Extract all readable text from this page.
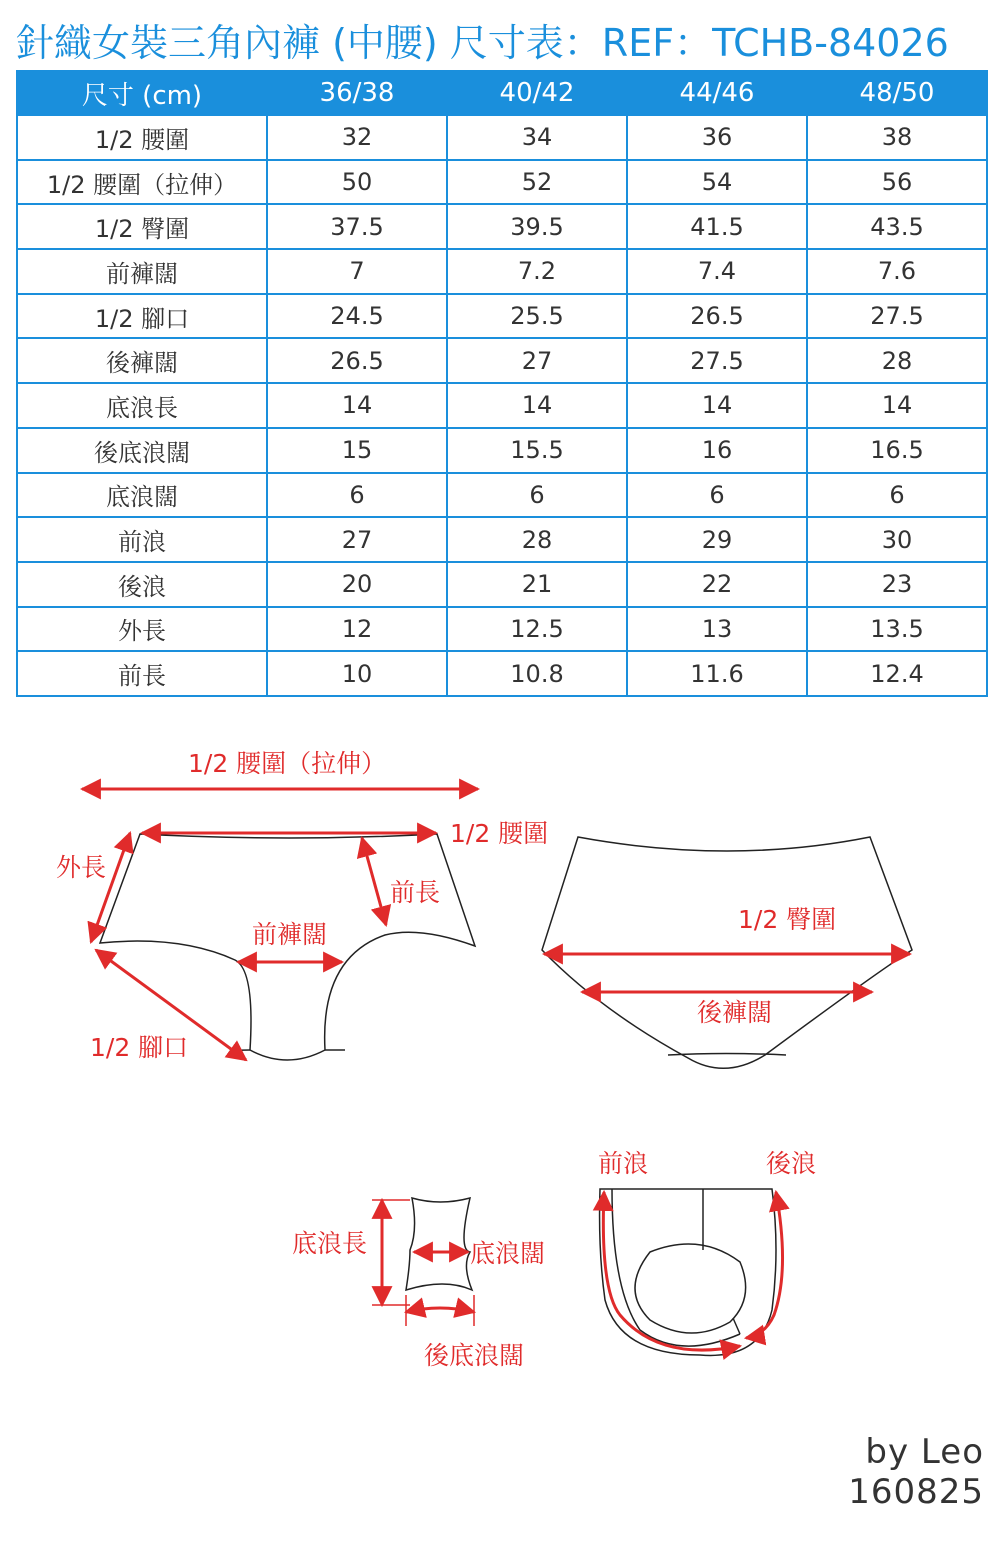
針織女裝三角內褲 (中腰) 尺寸表：REF：TCHB-84026
尺寸 (cm)	36/38	40/42	44/46	48/50
1/2 腰圍	32	34	36	38
1/2 腰圍（拉伸）	50	52	54	56
1/2 臀圍	37.5	39.5	41.5	43.5
前褲闊	7	7.2	7.4	7.6
1/2 腳口	24.5	25.5	26.5	27.5
後褲闊	26.5	27	27.5	28
底浪長	14	14	14	14
後底浪闊	15	15.5	16	16.5
底浪闊	6	6	6	6
前浪	27	28	29	30
後浪	20	21	22	23
外長	12	12.5	13	13.5
前長	10	10.8	11.6	12.4
1/2 腰圍（拉伸）
1/2 腰圍
外長
前長
前褲闊
1/2 腳口
1/2 臀圍
後褲闊
前浪	後浪
底浪長	底浪闊
後底浪闊
by Leo
160825
